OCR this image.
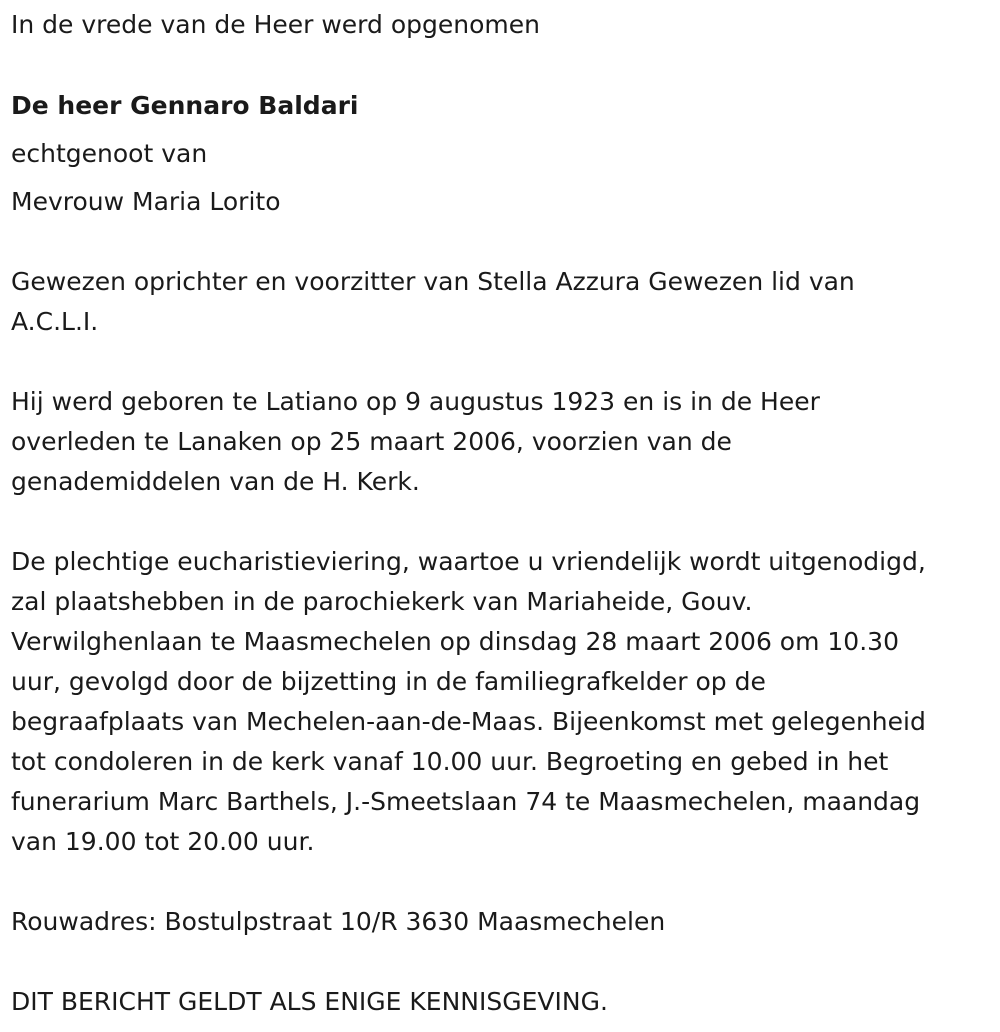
In de vrede van de Heer werd opgenomen
De heer Gennaro Baldari
echtgenoot van
Mevrouw Maria Lorito
Gewezen oprichter en voorzitter van Stella Azzura Gewezen lid van
A.C.L.I.
Hij werd geboren te Latiano op 9 augustus 1923 en is in de Heer
overleden te Lanaken op 25 maart 2006, voorzien van de
genademiddelen van de H. Kerk.
De plechtige eucharistieviering, waartoe u vriendelijk wordt uitgenodigd,
zal plaatshebben in de parochiekerk van Mariaheide, Gouv.
Verwilghenlaan te Maasmechelen op dinsdag 28 maart 2006 om 10.30
uur, gevolgd door de bijzetting in de familiegrafkelder op de
begraafplaats van Mechelen-aan-de-Maas. Bijeenkomst met gelegenheid
tot condoleren in de kerk vanaf 10.00 uur. Begroeting en gebed in het
funerarium Marc Barthels, J.-Smeetslaan 74 te Maasmechelen, maandag
van 19.00 tot 20.00 uur.
Rouwadres: Bostulpstraat 10/R 3630 Maasmechelen
DIT BERICHT GELDT ALS ENIGE KENNISGEVING.
